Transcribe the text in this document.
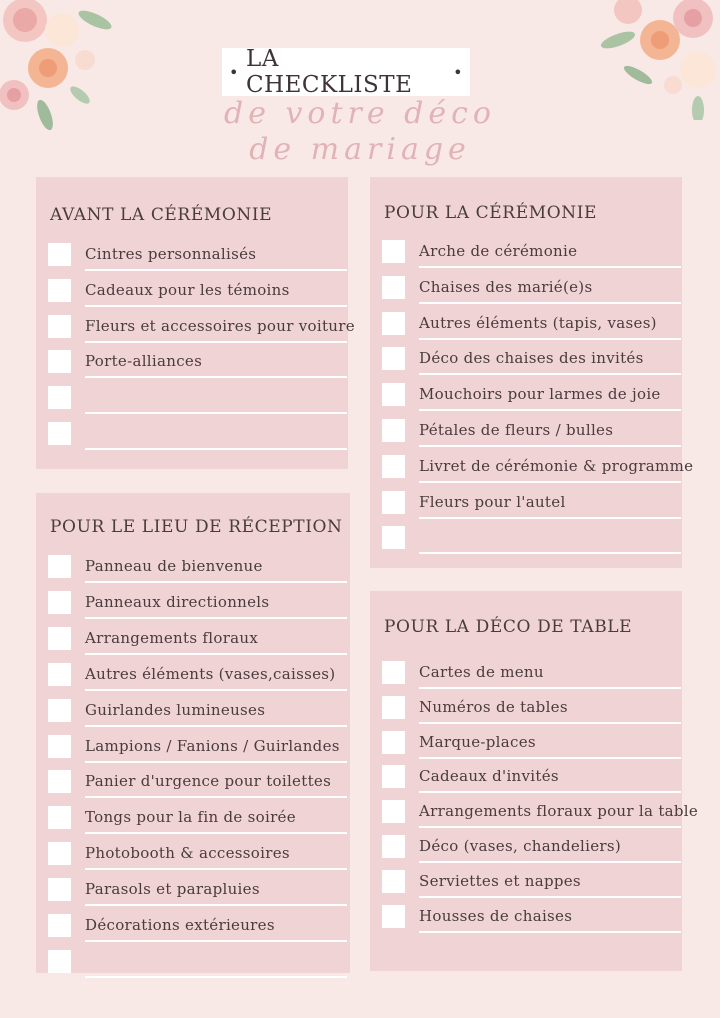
• LA CHECKLISTE	•
de votre déco
de mariage
AVANT LA CÉRÉMONIE
Cintres personnalisés
Cadeaux pour les témoins
Fleurs et accessoires pour voiture
Porte-alliances
POUR LA CÉRÉMONIE
Arche de cérémonie
Chaises des marié(e)s
Autres éléments (tapis, vases)
Déco des chaises des invités
Mouchoirs pour larmes de joie
Pétales de fleurs / bulles
Livret de cérémonie & programme
Fleurs pour l'autel
POUR LE LIEU DE RÉCEPTION
Panneau de bienvenue
Panneaux directionnels
Arrangements floraux
Autres éléments (vases,caisses)
Guirlandes lumineuses
Lampions / Fanions / Guirlandes
Panier d'urgence pour toilettes
Tongs pour la fin de soirée
Photobooth & accessoires
Parasols et parapluies
Décorations extérieures
POUR LA DÉCO DE TABLE
Cartes de menu
Numéros de tables
Marque-places
Cadeaux d'invités
Arrangements floraux pour la table
Déco (vases, chandeliers)
Serviettes et nappes
Housses de chaises
